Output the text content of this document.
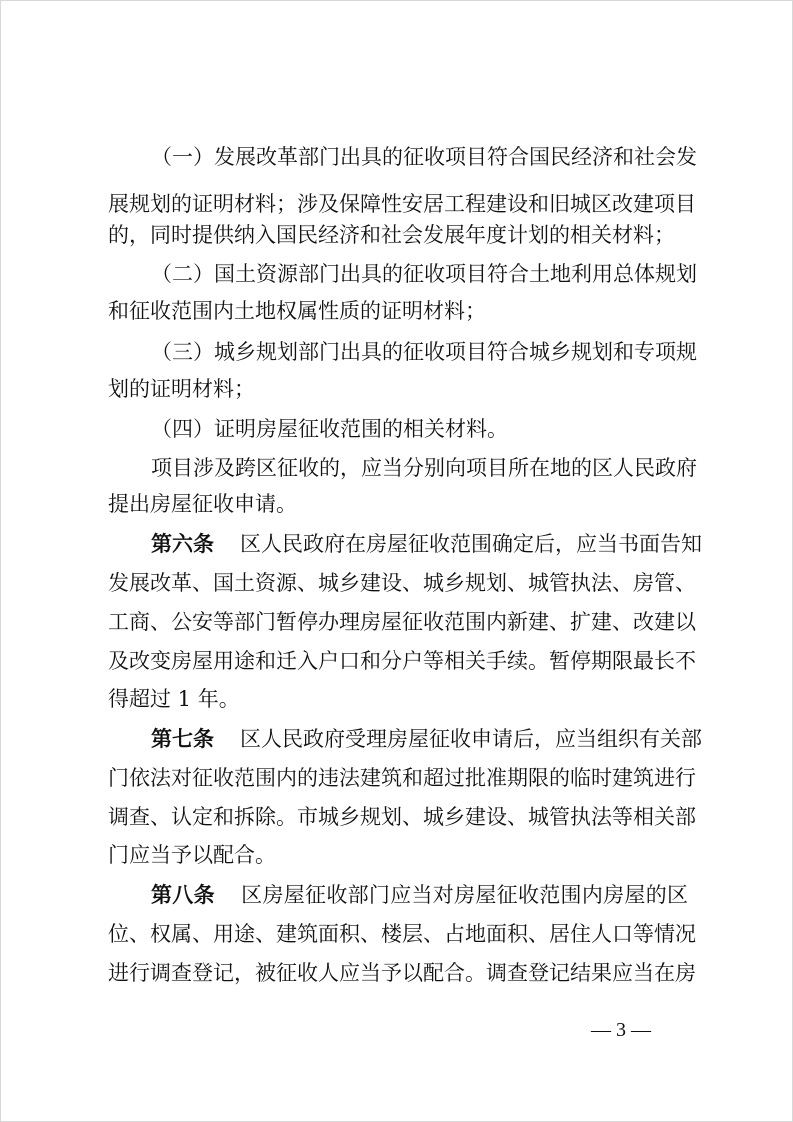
（一）发展改革部门出具的征收项目符合国民经济和社会发
展规划的证明材料；涉及保障性安居工程建设和旧城区改建项目
的，同时提供纳入国民经济和社会发展年度计划的相关材料；
（二）国土资源部门出具的征收项目符合土地利用总体规划
和征收范围内土地权属性质的证明材料；
（三）城乡规划部门出具的征收项目符合城乡规划和专项规
划的证明材料；
（四）证明房屋征收范围的相关材料。
项目涉及跨区征收的，应当分别向项目所在地的区人民政府
提出房屋征收申请。
第六条 区人民政府在房屋征收范围确定后，应当书面告知
发展改革、国土资源、城乡建设、城乡规划、城管执法、房管、
工商、公安等部门暂停办理房屋征收范围内新建、扩建、改建以
及改变房屋用途和迁入户口和分户等相关手续。暂停期限最长不
得超过 1 年。
第七条 区人民政府受理房屋征收申请后，应当组织有关部
门依法对征收范围内的违法建筑和超过批准期限的临时建筑进行
调查、认定和拆除。市城乡规划、城乡建设、城管执法等相关部
门应当予以配合。
第八条 区房屋征收部门应当对房屋征收范围内房屋的区
位、权属、用途、建筑面积、楼层、占地面积、居住人口等情况
进行调查登记，被征收人应当予以配合。调查登记结果应当在房
— 3 —
